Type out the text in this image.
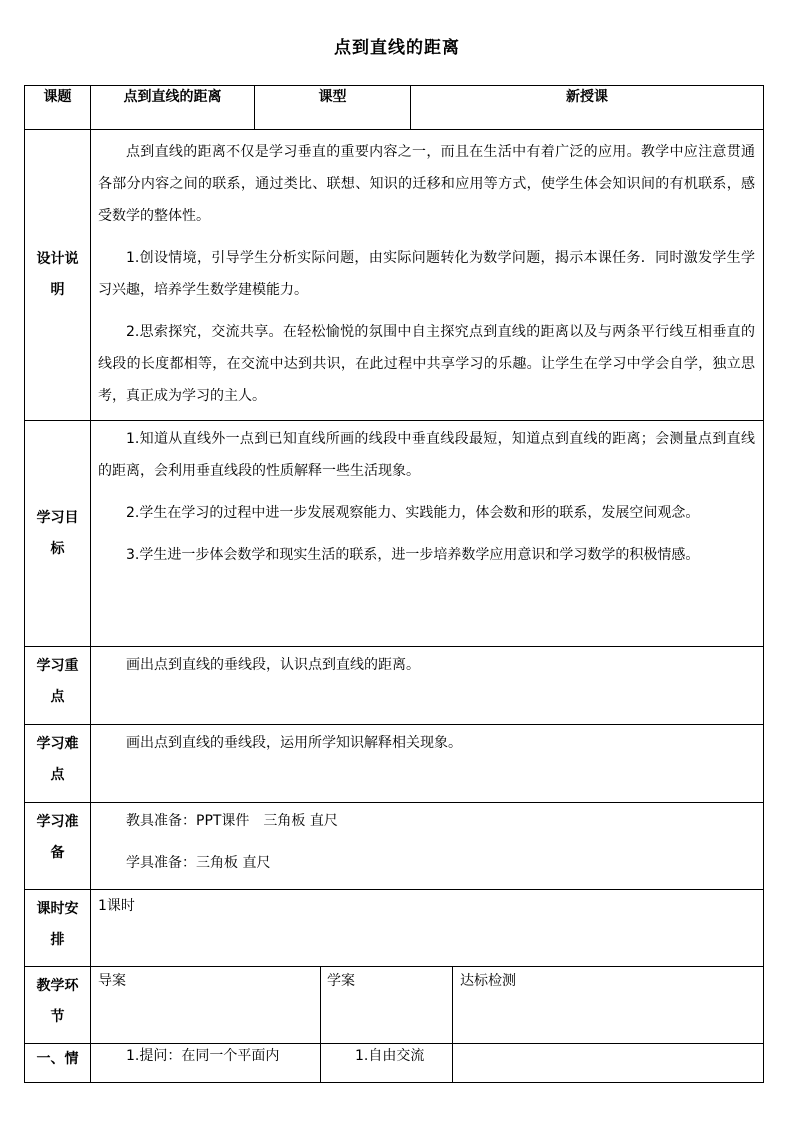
点到直线的距离
课题	点到直线的距离	课型		新授课	
设计说明	点到直线的距离不仅是学习垂直的重要内容之一，而且在生活中有着广泛的应用。教学中应注意贯通各部分内容之间的联系，通过类比、联想、知识的迁移和应用等方式，使学生体会知识间的有机联系，感受数学的整体性。

1.创设情境，引导学生分析实际问题，由实际问题转化为数学问题，揭示本课任务．同时激发学生学习兴趣，培养学生数学建模能力。

2.思索探究，交流共享。在轻松愉悦的氛围中自主探究点到直线的距离以及与两条平行线互相垂直的线段的长度都相等，在交流中达到共识，在此过程中共享学习的乐趣。让学生在学习中学会自学，独立思考，真正成为学习的主人。				

学习目标	1.知道从直线外一点到已知直线所画的线段中垂直线段最短，知道点到直线的距离；会测量点到直线的距离，会利用垂直线段的性质解释一些生活现象。

2.学生在学习的过程中进一步发展观察能力、实践能力，体会数和形的联系，发展空间观念。

3.学生进一步体会数学和现实生活的联系，进一步培养数学应用意识和学习数学的积极情感。				

学习重点	画出点到直线的垂线段，认识点到直线的距离。				

学习难点	画出点到直线的垂线段，运用所学知识解释相关现象。				

学习准备	教具准备：PPT课件　三角板 直尺

学具准备：三角板 直尺				

课时安排	1课时				
教学环节	导案		学案		达标检测
一、情	1.提问：在同一个平面内		1.自由交流		
